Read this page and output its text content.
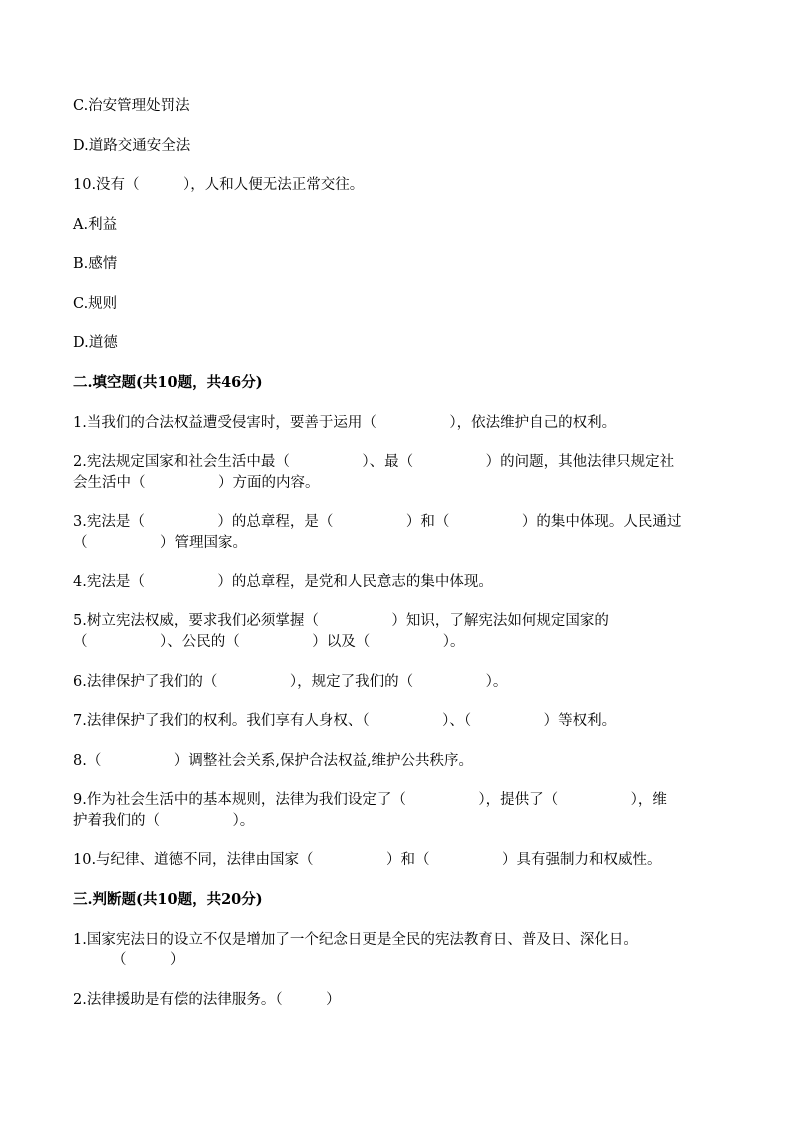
C.治安管理处罚法
D.道路交通安全法
10.没有（　　　），人和人便无法正常交往。
A.利益
B.感情
C.规则
D.道德
二.填空题(共10题，共46分)
1.当我们的合法权益遭受侵害时，要善于运用（　　　　　），依法维护自己的权利。
2.宪法规定国家和社会生活中最（　　　　　）、最（　　　　　）的问题，其他法律只规定社
会生活中（　　　　　）方面的内容。
3.宪法是（　　　　　）的总章程，是（　　　　　）和（　　　　　）的集中体现。人民通过
（　　　　　）管理国家。
4.宪法是（　　　　　）的总章程，是党和人民意志的集中体现。
5.树立宪法权威，要求我们必须掌握（　　　　　）知识，了解宪法如何规定国家的
（　　　　　）、公民的（　　　　　）以及（　　　　　）。
6.法律保护了我们的（　　　　　），规定了我们的（　　　　　）。
7.法律保护了我们的权利。我们享有人身权、（　　　　　）、（　　　　　）等权利。
8.（　　　　　）调整社会关系,保护合法权益,维护公共秩序。
9.作为社会生活中的基本规则，法律为我们设定了（　　　　　），提供了（　　　　　），维
护着我们的（　　　　　）。
10.与纪律、道德不同，法律由国家（　　　　　）和（　　　　　）具有强制力和权威性。
三.判断题(共10题，共20分)
1.国家宪法日的设立不仅是增加了一个纪念日更是全民的宪法教育日、普及日、深化日。
（　　　）
2.法律援助是有偿的法律服务。（　　　）
